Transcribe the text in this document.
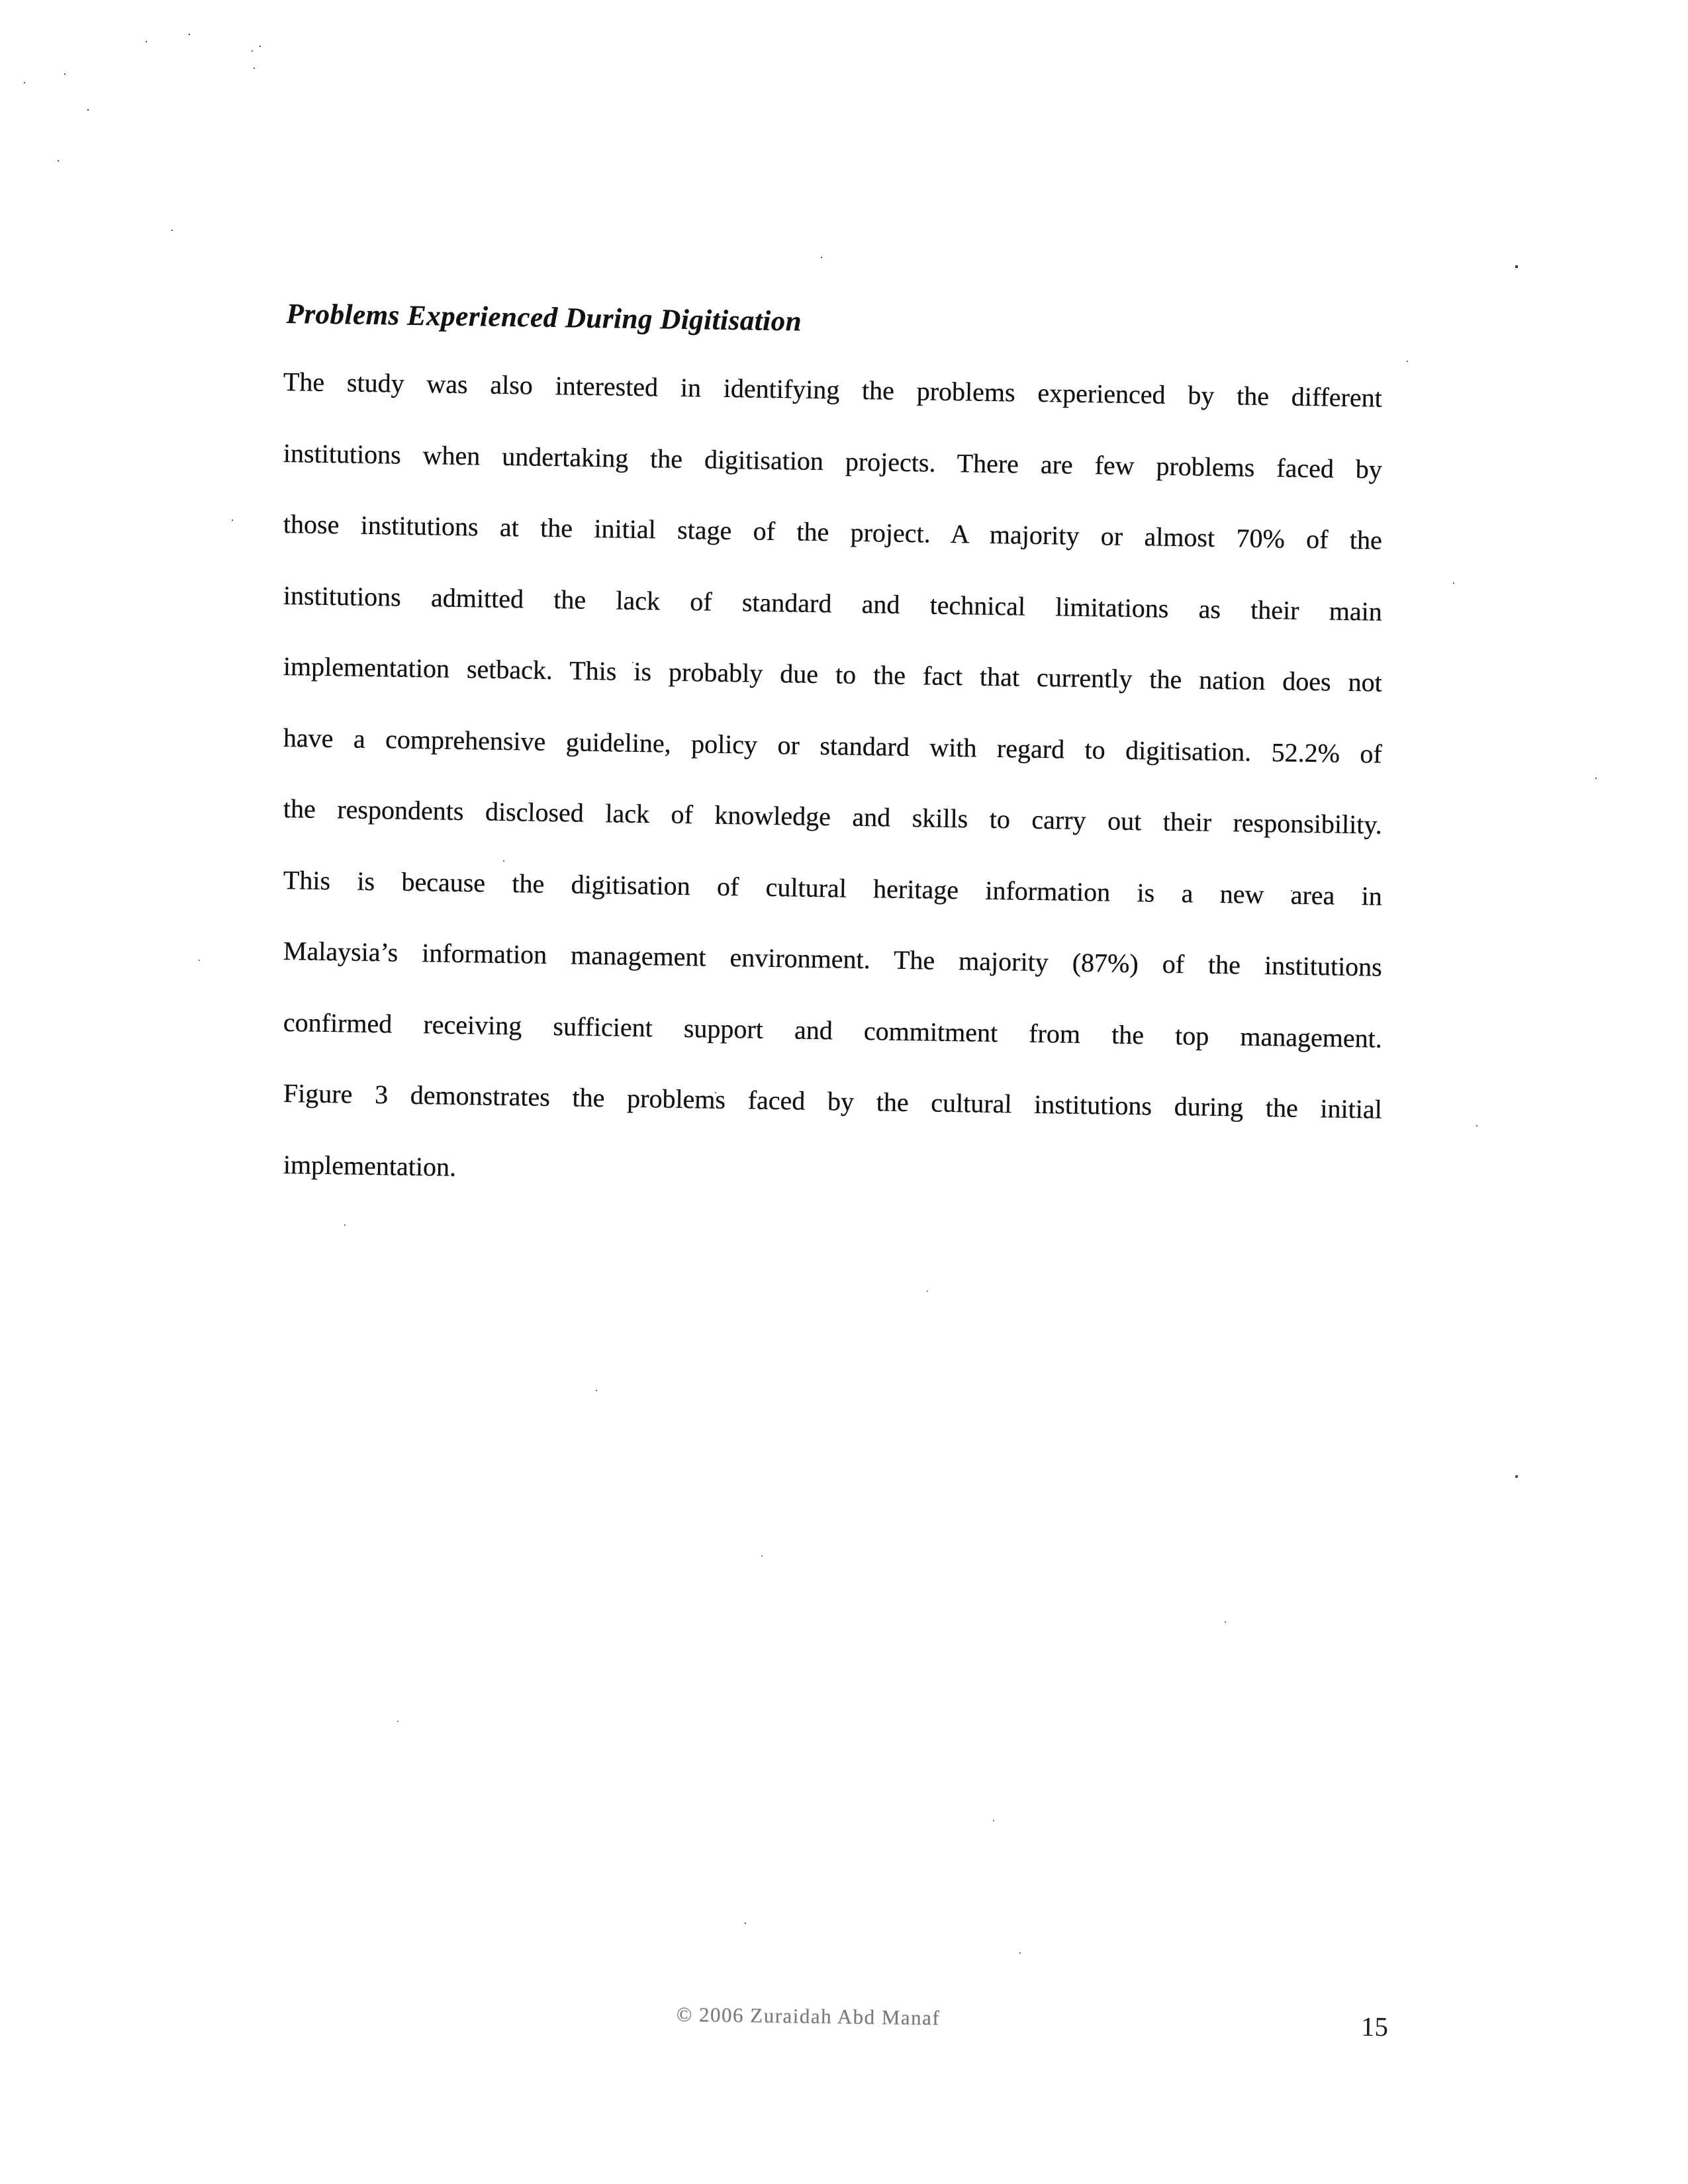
Problems Experienced During Digitisation
The study was also interested in identifying the problems experienced by the different
institutions when undertaking the digitisation projects. There are few problems faced by
those institutions at the initial stage of the project. A majority or almost 70% of the
institutions admitted the lack of standard and technical limitations as their main
implementation setback. This is probably due to the fact that currently the nation does not
have a comprehensive guideline, policy or standard with regard to digitisation. 52.2% of
the respondents disclosed lack of knowledge and skills to carry out their responsibility.
This is because the digitisation of cultural heritage information is a new area in
Malaysia’s information management environment. The majority (87%) of the institutions
confirmed receiving sufficient support and commitment from the top management.
Figure 3 demonstrates the problems faced by the cultural institutions during the initial
implementation.
© 2006 Zuraidah Abd Manaf	15
